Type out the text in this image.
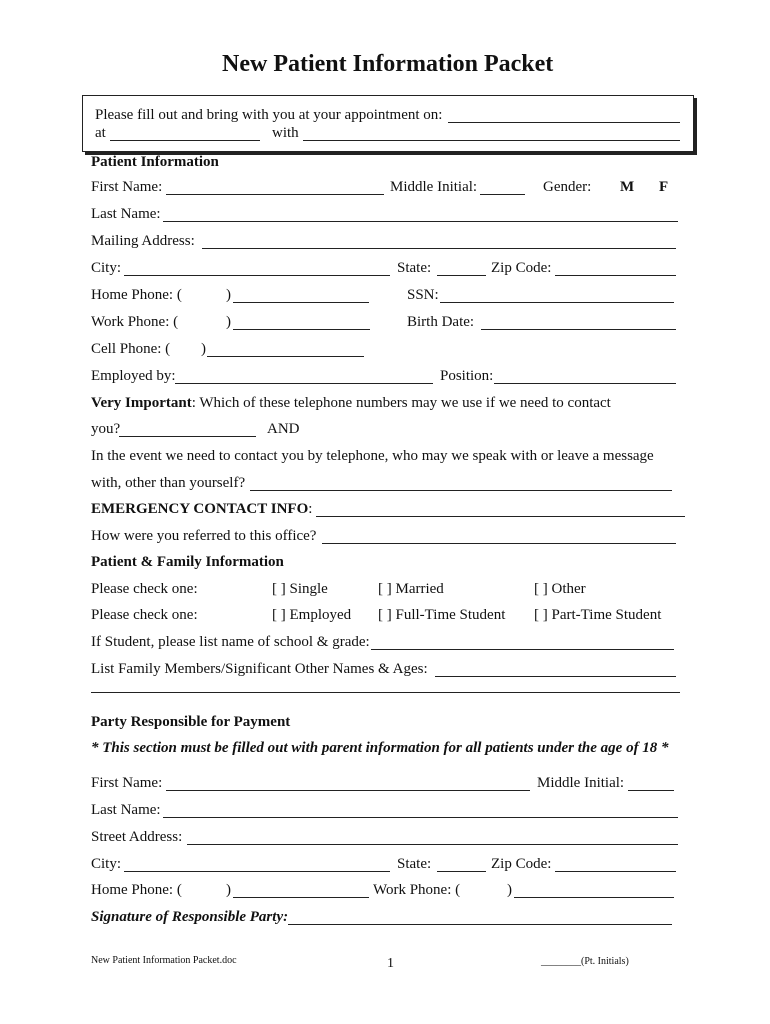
New Patient Information Packet
Please fill out and bring with you at your appointment on:
at	with
Patient Information
First Name:	Middle Initial:	Gender: M F
Last Name:
Mailing Address:
City:	State:	Zip Code:
Home Phone: (	)	SSN:
Work Phone: (	)	Birth Date:
Cell Phone: ( )
Employed by:	Position:
Very Important: Which of these telephone numbers may we use if we need to contact
you?	AND
In the event we need to contact you by telephone, who may we speak with or leave a message
with, other than yourself?
EMERGENCY CONTACT INFO:
How were you referred to this office?
Patient & Family Information
Please check one:	[ ] Single	[ ] Married	[ ] Other
Please check one:	[ ] Employed [ ] Full-Time Student [ ] Part-Time Student
If Student, please list name of school & grade:
List Family Members/Significant Other Names & Ages:
Party Responsible for Payment
* This section must be filled out with parent information for all patients under the age of 18 *
First Name:	Middle Initial:
Last Name:
Street Address:
City:	State:	Zip Code:
Home Phone: (	)	Work Phone: (	)
Signature of Responsible Party:
New Patient Information Packet.doc	1	________(Pt. Initials)
